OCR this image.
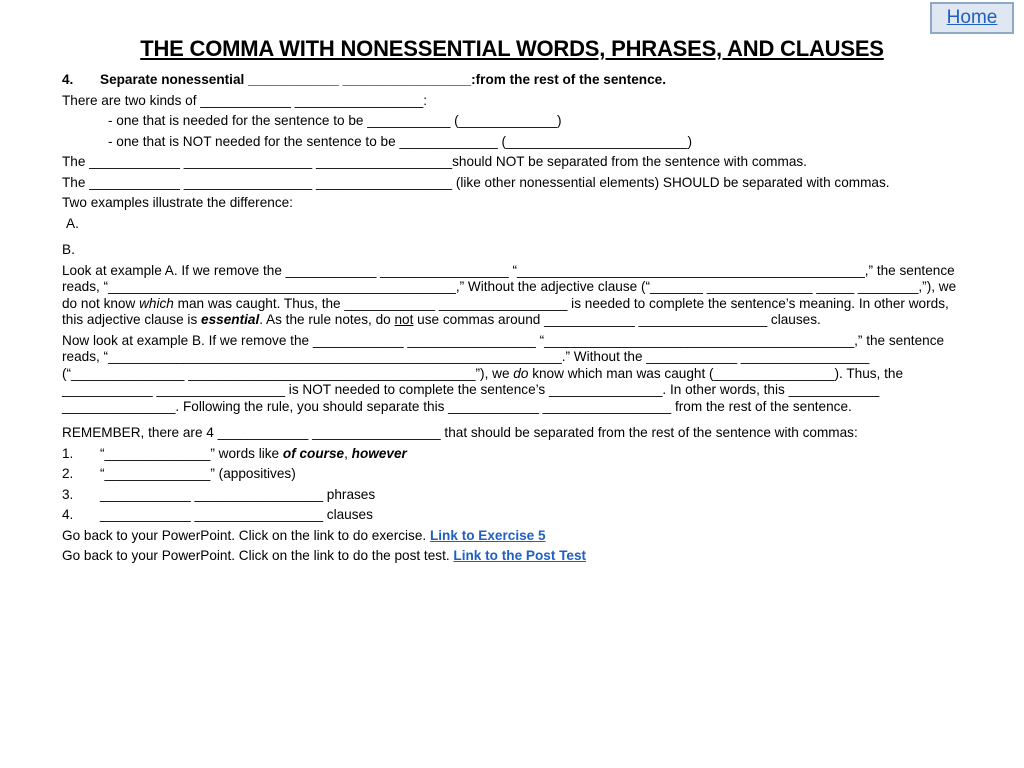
Home
THE COMMA WITH NONESSENTIAL WORDS, PHRASES, AND CLAUSES

4. Separate nonessential ____________ _________________:from the rest of the sentence.

There are two kinds of ____________ _________________:

- one that is needed for the sentence to be ___________ (_____________)

- one that is NOT needed for the sentence to be _____________ (________________________)

The ____________ _________________ __________________should NOT be separated from the sentence with commas.

The ____________ _________________ __________________ (like other nonessential elements) SHOULD be separated with commas.

Two examples illustrate the difference:

A.

B.

Look at example A. If we remove the ____________ _________________ “______________________________________________,” the sentence reads, “______________________________________________,” Without the adjective clause (“_______ ______________ _____ ________,”), we do not know which man was caught. Thus, the ____________ _________________ is needed to complete the sentence’s meaning. In other words, this adjective clause is essential. As the rule notes, do not use commas around ____________ _________________ clauses.

Now look at example B. If we remove the ____________ _________________ “_________________________________________,” the sentence reads, “____________________________________________________________.” Without the ____________ _________________ (“_______________ ______________________________________”), we do know which man was caught (________________). Thus, the ____________ _________________ is NOT needed to complete the sentence’s _______________. In other words, this ____________ _______________. Following the rule, you should separate this ____________ _________________ from the rest of the sentence.

REMEMBER, there are 4 ____________ _________________ that should be separated from the rest of the sentence with commas:

1. “______________” words like of course, however

2. “______________” (appositives)

3. ____________ _________________ phrases

4. ____________ _________________ clauses

Go back to your PowerPoint. Click on the link to do exercise. Link to Exercise 5

Go back to your PowerPoint. Click on the link to do the post test. Link to the Post Test
